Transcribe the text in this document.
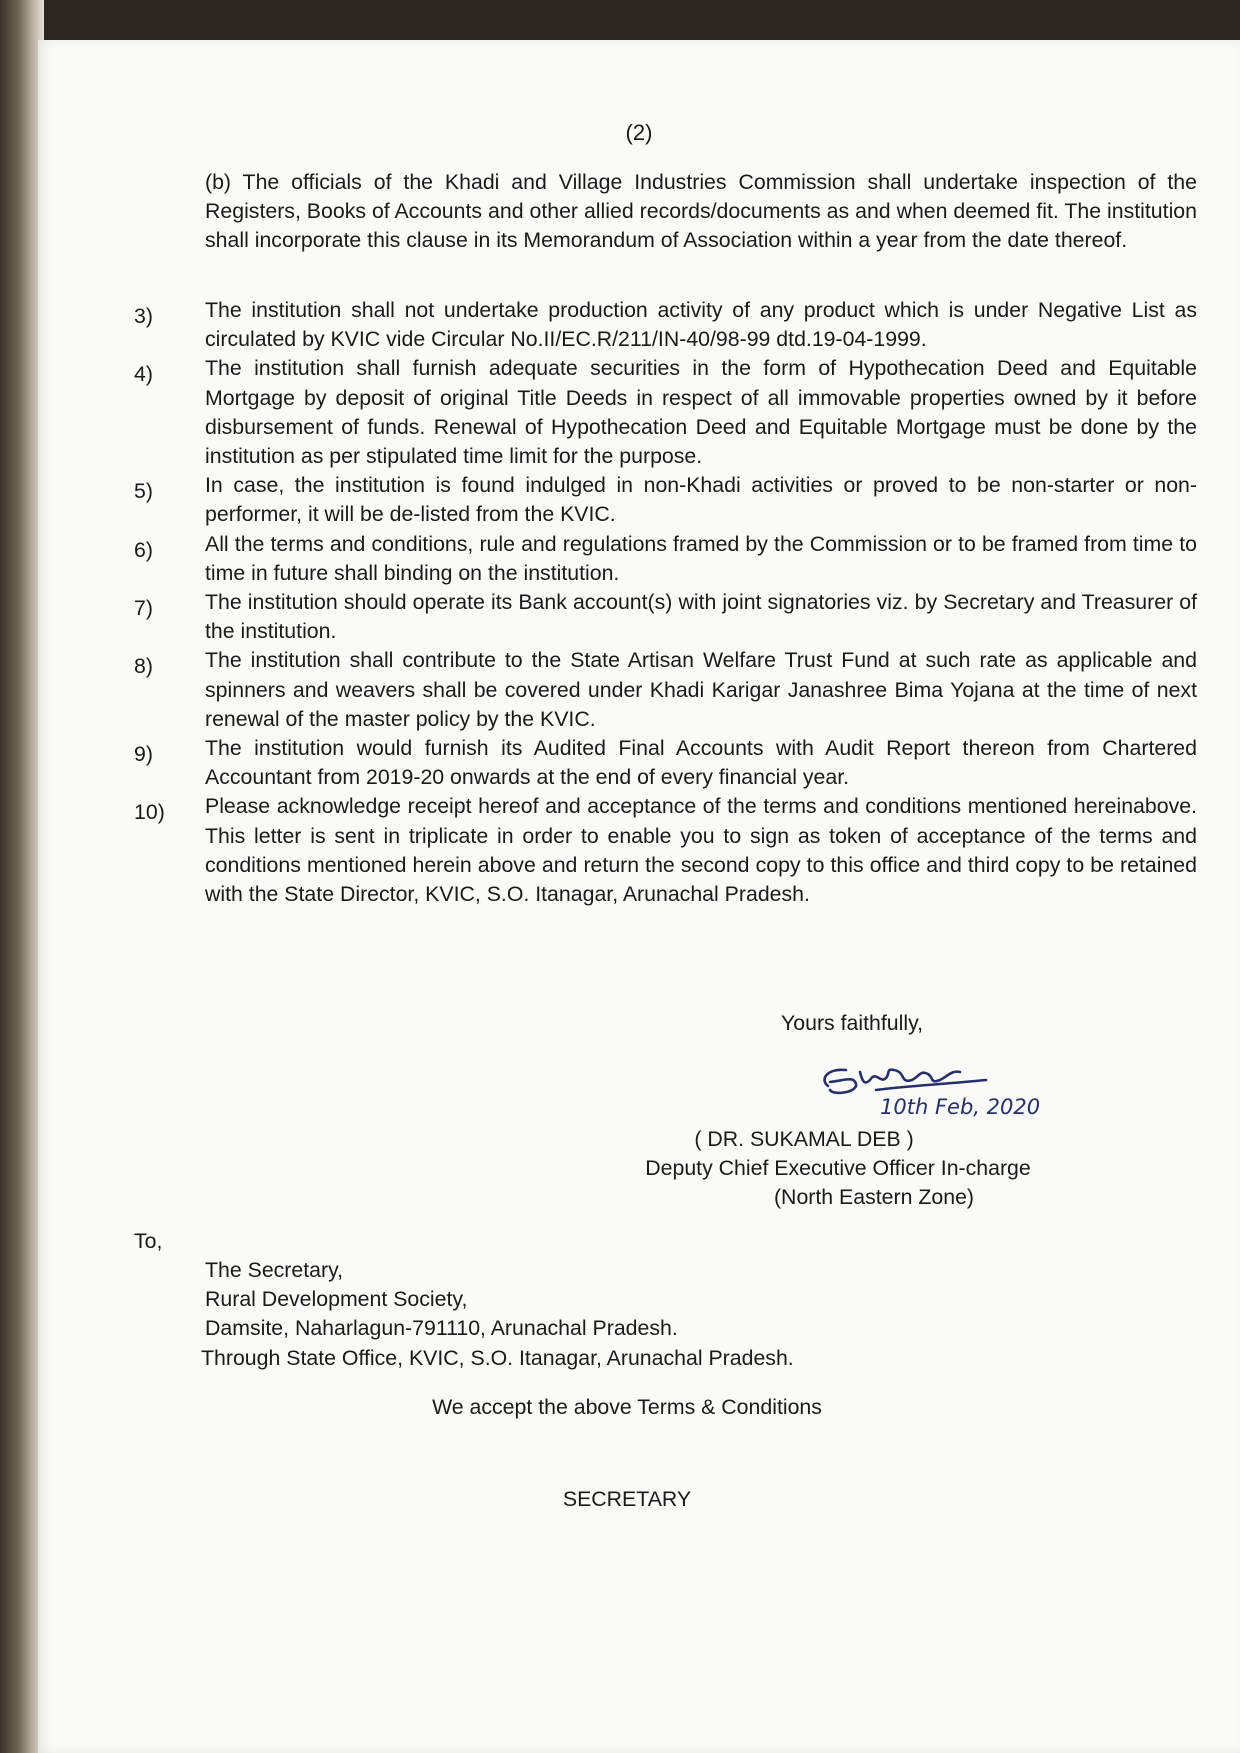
(2)
(b) The officials of the Khadi and Village Industries Commission shall undertake inspection of the Registers, Books of Accounts and other allied records/documents as and when deemed fit. The institution shall incorporate this clause in its Memorandum of Association within a year from the date thereof.
3) The institution shall not undertake production activity of any product which is under Negative List as circulated by KVIC vide Circular No.II/EC.R/211/IN-40/98-99 dtd.19-04-1999.
4) The institution shall furnish adequate securities in the form of Hypothecation Deed and Equitable Mortgage by deposit of original Title Deeds in respect of all immovable properties owned by it before disbursement of funds. Renewal of Hypothecation Deed and Equitable Mortgage must be done by the institution as per stipulated time limit for the purpose.
5) In case, the institution is found indulged in non-Khadi activities or proved to be non-starter or non-performer, it will be de-listed from the KVIC.
6) All the terms and conditions, rule and regulations framed by the Commission or to be framed from time to time in future shall binding on the institution.
7) The institution should operate its Bank account(s) with joint signatories viz. by Secretary and Treasurer of the institution.
8) The institution shall contribute to the State Artisan Welfare Trust Fund at such rate as applicable and spinners and weavers shall be covered under Khadi Karigar Janashree Bima Yojana at the time of next renewal of the master policy by the KVIC.
9) The institution would furnish its Audited Final Accounts with Audit Report thereon from Chartered Accountant from 2019-20 onwards at the end of every financial year.
10) Please acknowledge receipt hereof and acceptance of the terms and conditions mentioned hereinabove. This letter is sent in triplicate in order to enable you to sign as token of acceptance of the terms and conditions mentioned herein above and return the second copy to this office and third copy to be retained with the State Director, KVIC, S.O. Itanagar, Arunachal Pradesh.
Yours faithfully,
10th Feb, 2020
( DR. SUKAMAL DEB )
Deputy Chief Executive Officer In-charge
(North Eastern Zone)
To,
The Secretary,
Rural Development Society,
Damsite, Naharlagun-791110, Arunachal Pradesh.
Through State Office, KVIC, S.O. Itanagar, Arunachal Pradesh.
We accept the above Terms & Conditions
SECRETARY
